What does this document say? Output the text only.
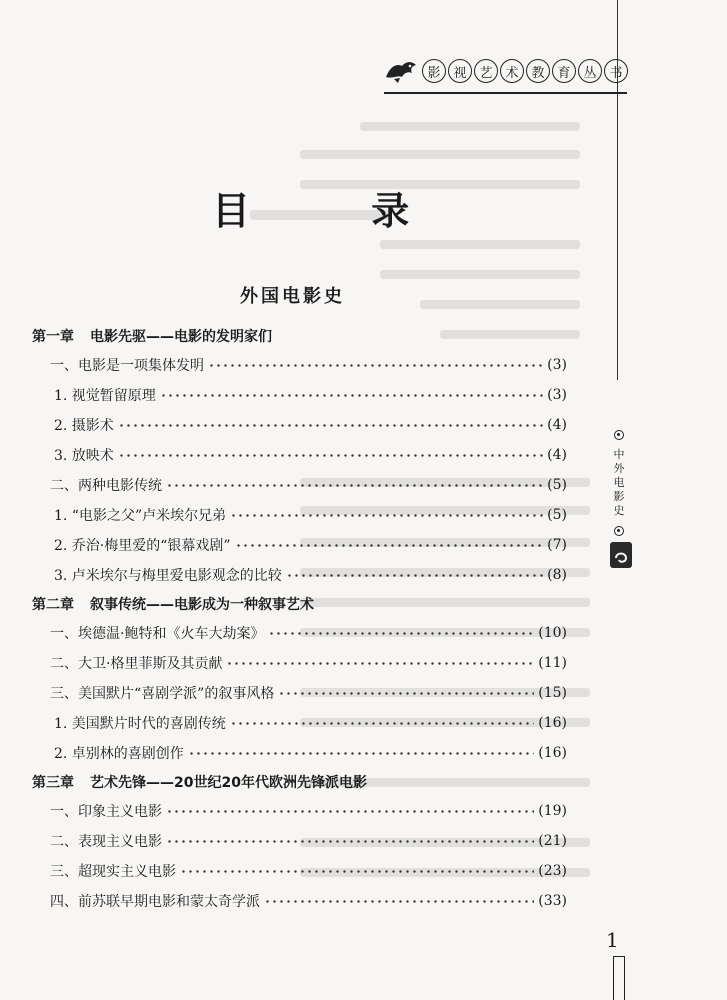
影 视 艺 术 教 育 丛 书
目 录
外国电影史
第一章 电影先驱——电影的发明家们
一、电影是一项集体发明	(3)
1. 视觉暂留原理	(3)
2. 摄影术	(4)
3. 放映术	(4)
二、两种电影传统	(5)
1. “电影之父”卢米埃尔兄弟	(5)
2. 乔治·梅里爱的“银幕戏剧”	(7)
3. 卢米埃尔与梅里爱电影观念的比较	(8)
第二章 叙事传统——电影成为一种叙事艺术
一、埃德温·鲍特和《火车大劫案》	(10)
二、大卫·格里菲斯及其贡献	(11)
三、美国默片“喜剧学派”的叙事风格	(15)
1. 美国默片时代的喜剧传统	(16)
2. 卓别林的喜剧创作	(16)
第三章 艺术先锋——20世纪20年代欧洲先锋派电影
一、印象主义电影	(19)
二、表现主义电影	(21)
三、超现实主义电影	(23)
四、前苏联早期电影和蒙太奇学派	(33)
中
外
电
影
史
1
